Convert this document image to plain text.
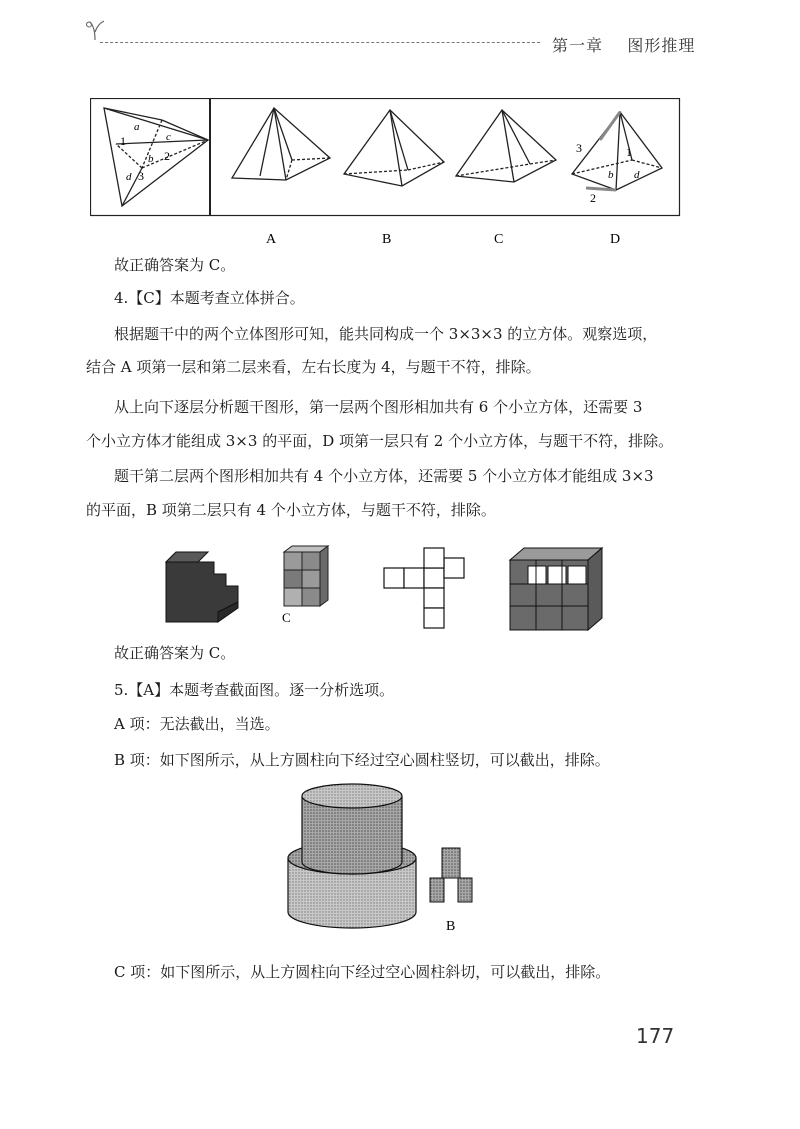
第一章 图形推理
a
1	c
b 2
d 3
3	1
b d
2
A	B	C	D
故正确答案为 C。
4.【C】本题考查立体拼合。
根据题干中的两个立体图形可知，能共同构成一个 3×3×3 的立方体。观察选项，
结合 A 项第一层和第二层来看，左右长度为 4，与题干不符，排除。
从上向下逐层分析题干图形，第一层两个图形相加共有 6 个小立方体，还需要 3
个小立方体才能组成 3×3 的平面，D 项第一层只有 2 个小立方体，与题干不符，排除。
题干第二层两个图形相加共有 4 个小立方体，还需要 5 个小立方体才能组成 3×3
的平面，B 项第二层只有 4 个小立方体，与题干不符，排除。
C
故正确答案为 C。
5.【A】本题考查截面图。逐一分析选项。
A 项：无法截出，当选。
B 项：如下图所示，从上方圆柱向下经过空心圆柱竖切，可以截出，排除。
B
C 项：如下图所示，从上方圆柱向下经过空心圆柱斜切，可以截出，排除。
177
